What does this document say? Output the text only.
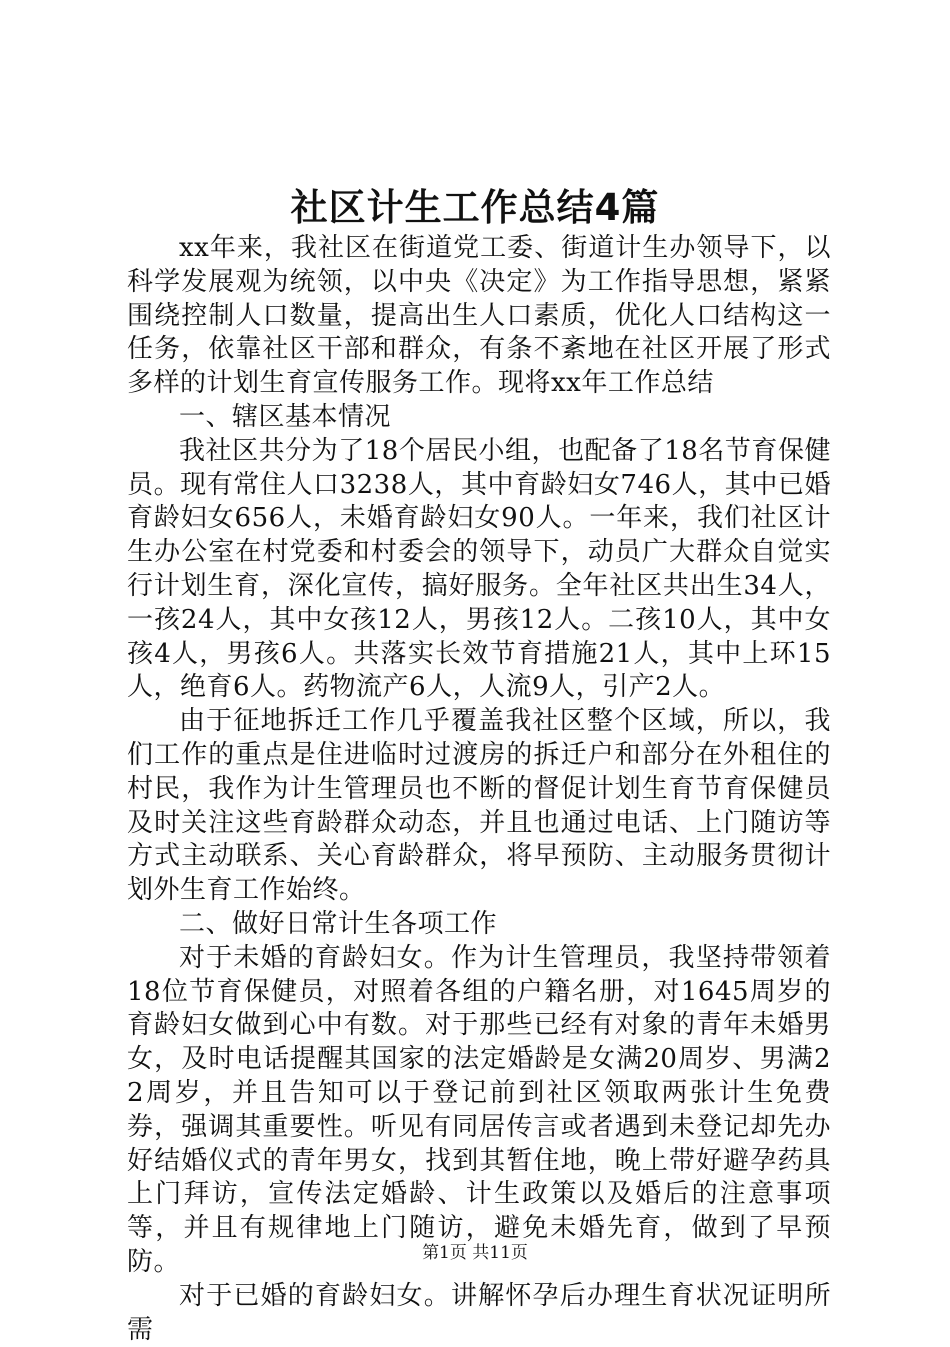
社区计生工作总结4篇

xx年来，我社区在街道党工委、街道计生办领导下，以科学发展观为统领，以中央《决定》为工作指导思想，紧紧围绕控制人口数量，提高出生人口素质，优化人口结构这一任务，依靠社区干部和群众，有条不紊地在社区开展了形式多样的计划生育宣传服务工作。现将xx年工作总结

一、辖区基本情况

我社区共分为了18个居民小组，也配备了18名节育保健员。现有常住人口3238人，其中育龄妇女746人，其中已婚育龄妇女656人，未婚育龄妇女90人。一年来，我们社区计生办公室在村党委和村委会的领导下，动员广大群众自觉实行计划生育，深化宣传，搞好服务。全年社区共出生34人，一孩24人，其中女孩12人，男孩12人。二孩10人，其中女孩4人，男孩6人。共落实长效节育措施21人，其中上环15人，绝育6人。药物流产6人，人流9人，引产2人。

由于征地拆迁工作几乎覆盖我社区整个区域，所以，我们工作的重点是住进临时过渡房的拆迁户和部分在外租住的村民，我作为计生管理员也不断的督促计划生育节育保健员及时关注这些育龄群众动态，并且也通过电话、上门随访等方式主动联系、关心育龄群众，将早预防、主动服务贯彻计划外生育工作始终。

二、做好日常计生各项工作

对于未婚的育龄妇女。作为计生管理员，我坚持带领着18位节育保健员，对照着各组的户籍名册，对1645周岁的育龄妇女做到心中有数。对于那些已经有对象的青年未婚男女，及时电话提醒其国家的法定婚龄是女满20周岁、男满22周岁，并且告知可以于登记前到社区领取两张计生免费券，强调其重要性。听见有同居传言或者遇到未登记却先办好结婚仪式的青年男女，找到其暂住地，晚上带好避孕药具上门拜访，宣传法定婚龄、计生政策以及婚后的注意事项等，并且有规律地上门随访，避免未婚先育，做到了早预防。

对于已婚的育龄妇女。讲解怀孕后办理生育状况证明所需

第1页 共11页
